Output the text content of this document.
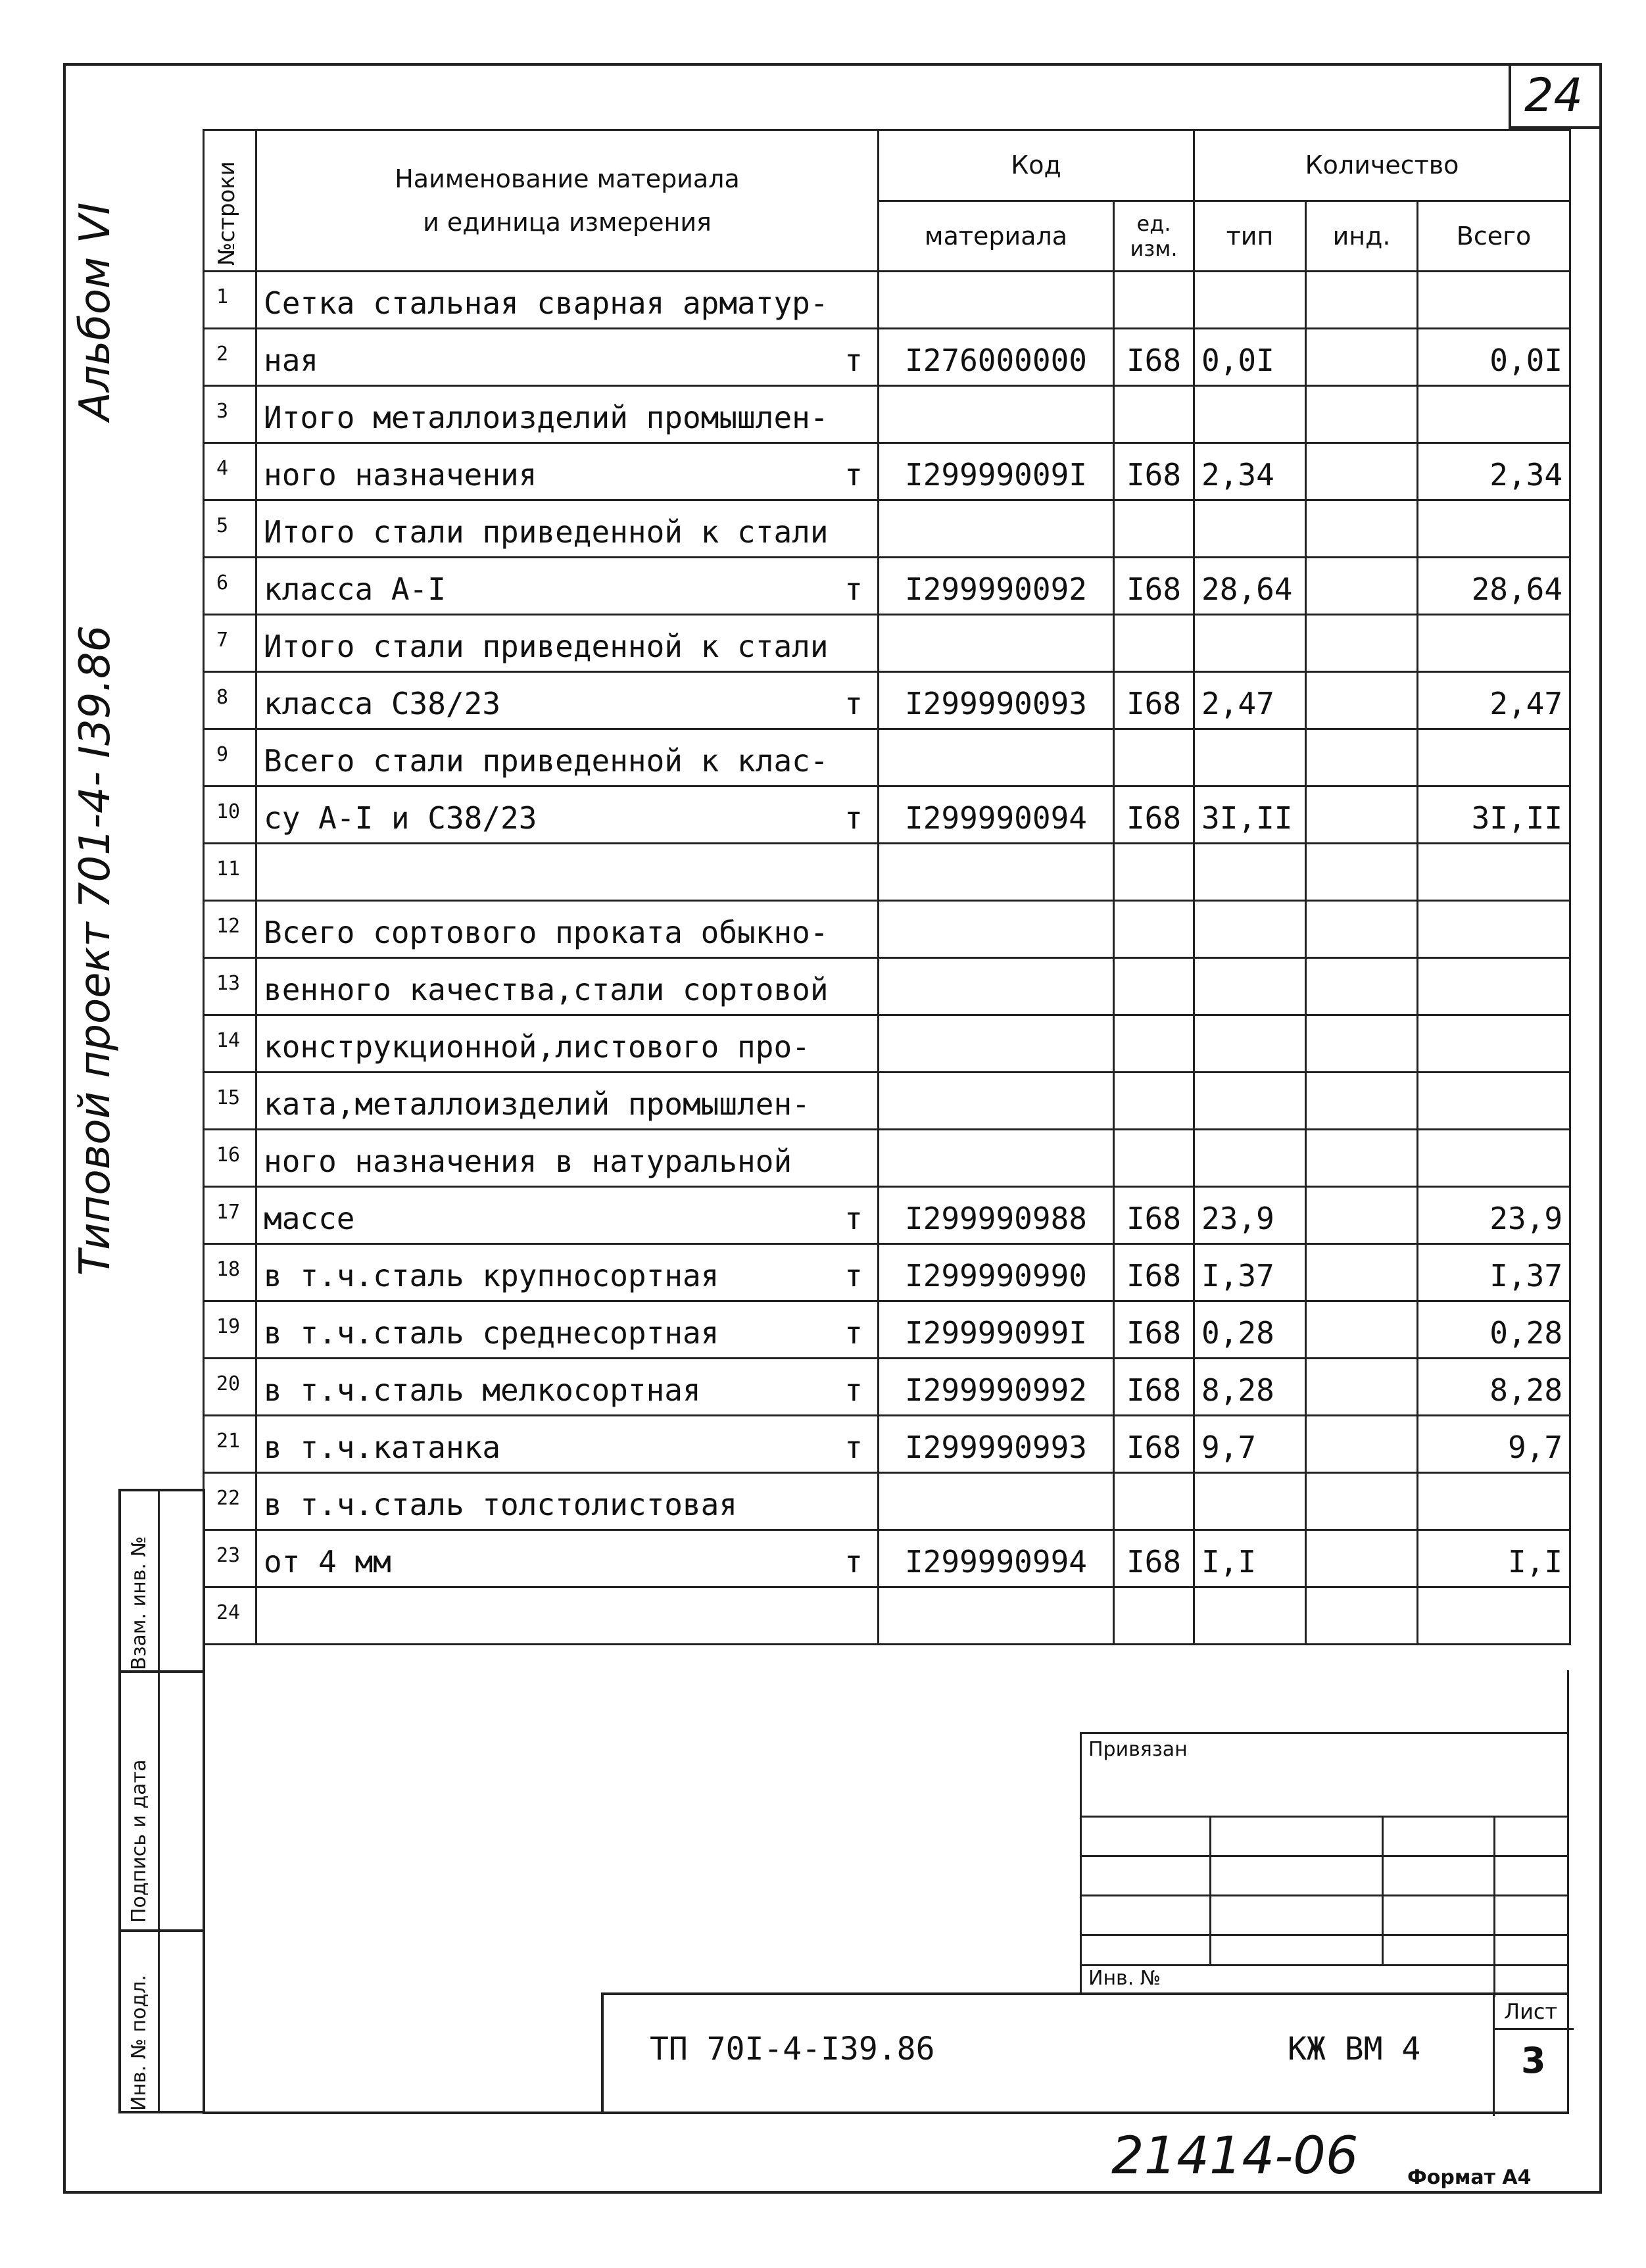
24
Альбом VI
Типовой проект 701-4- I39.86
№строки	Наименование материала
и единица измерения	Код		Количество		
		материала	ед. изм.	тип	инд.	Всего
1	Сетка стальная сварная арматур-

2	ная т	I276000000	I68	0,0I		0,0I
3	Итого металлоизделий промышлен-

4	ного назначения т	I29999009I	I68	2,34		2,34
5	Итого стали приведенной к стали

6	класса А-I т	I299990092	I68	28,64		28,64
7	Итого стали приведенной к стали

8	класса С38/23 т	I299990093	I68	2,47		2,47
9	Всего стали приведенной к клас-

10	су А-I и С38/23 т	I299990094	I68	3I,II		3I,II
11	

12	Всего сортового проката обыкно-

13	венного качества,стали сортовой

14	конструкционной,листового про-

15	ката,металлоизделий промышлен-

16	ного назначения в натуральной

17	массе т	I299990988	I68	23,9		23,9
18	в т.ч.сталь крупносортная т	I299990990	I68	I,37		I,37
19	в т.ч.сталь среднесортная т	I29999099I	I68	0,28		0,28
20	в т.ч.сталь мелкосортная т	I299990992	I68	8,28		8,28
21	в т.ч.катанка т	I299990993	I68	9,7		9,7
22	в т.ч.сталь толстолистовая

23	от 4 мм т	I299990994	I68	I,I		I,I
24	

Взам. инв. №
Подпись и дата
Инв. № подл.
Привязан
Инв. №
ТП 70I-4-I39.86	КЖ ВМ 4
Лист
3
21414-06 Формат А4
